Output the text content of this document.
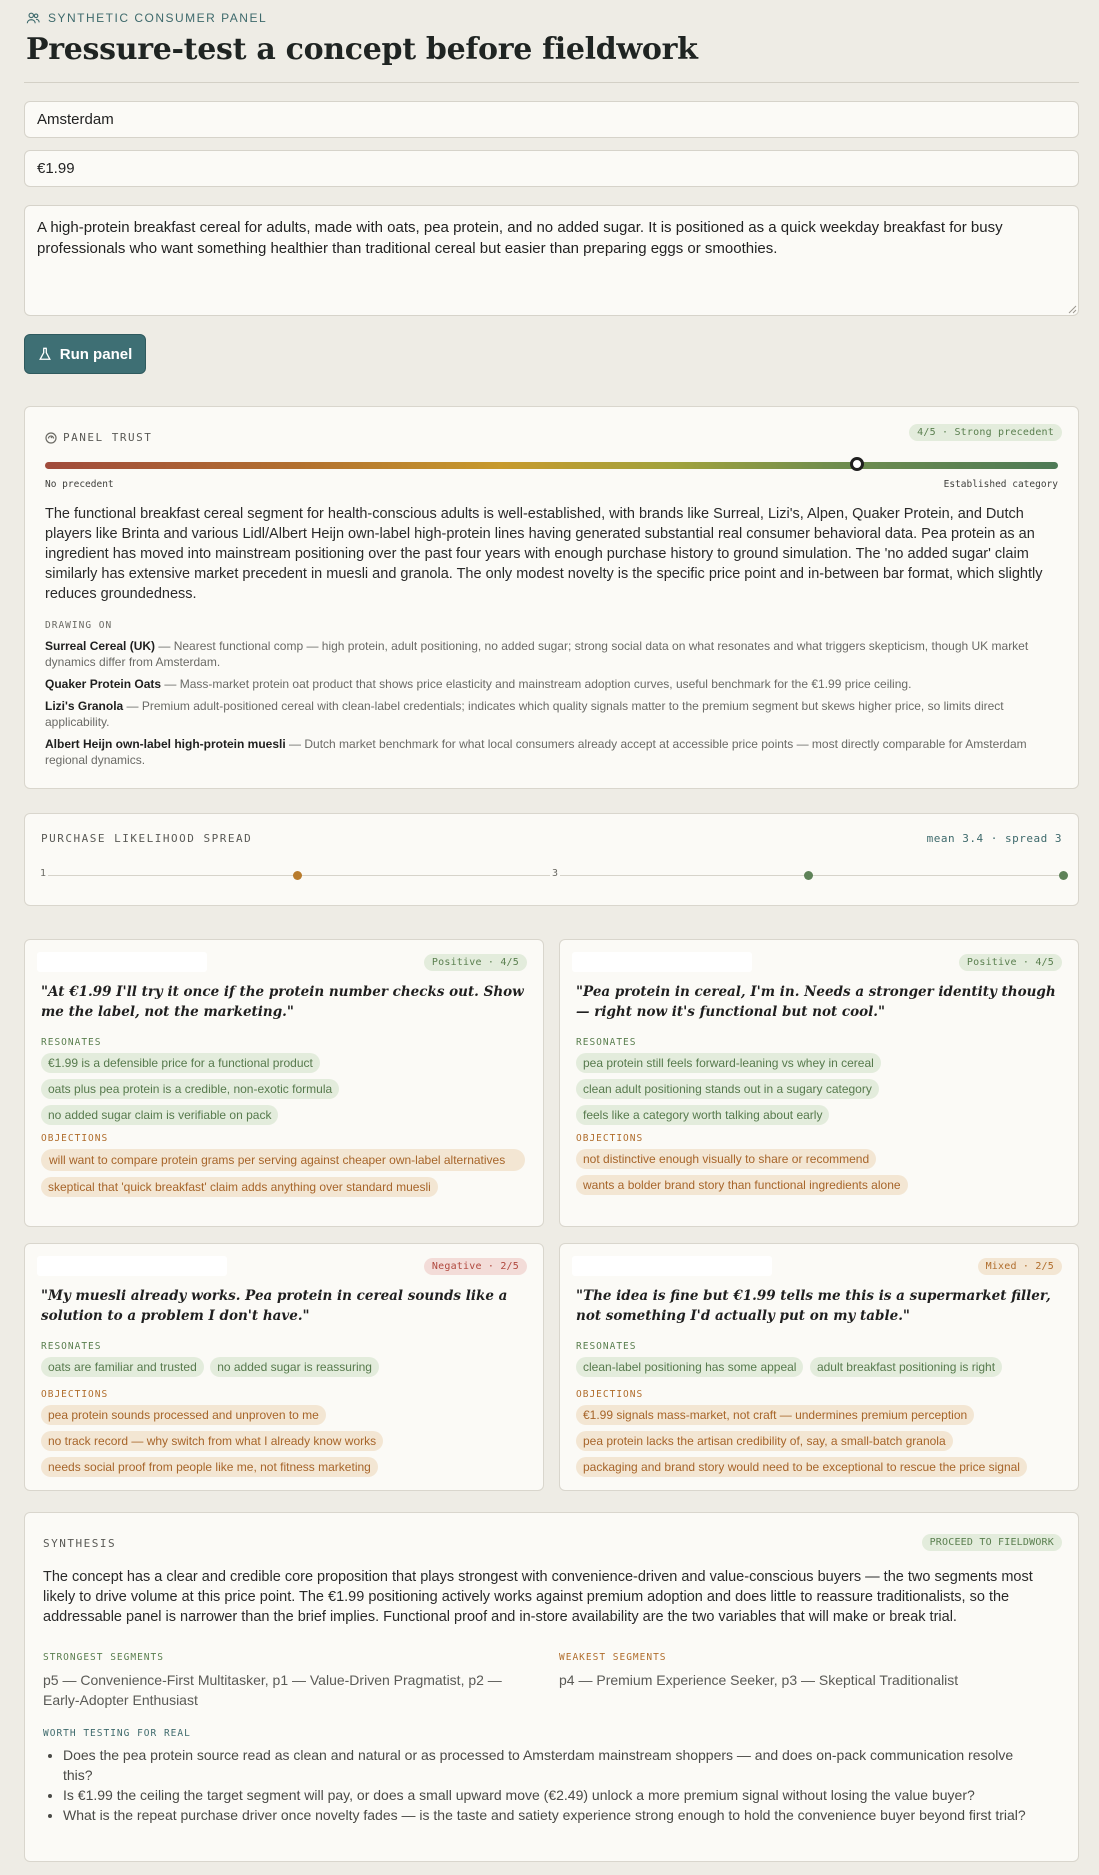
SYNTHETIC CONSUMER PANEL
Pressure-test a concept before fieldwork
Amsterdam
€1.99
A high-protein breakfast cereal for adults, made with oats, pea protein, and no added sugar. It is positioned as a quick weekday breakfast for busy professionals who want something healthier than traditional cereal but easier than preparing eggs or smoothies.
Run panel
PANEL TRUST	4/5 · Strong precedent
No precedent	Established category

The functional breakfast cereal segment for health-conscious adults is well-established, with brands like Surreal, Lizi's, Alpen, Quaker Protein, and Dutch players like Brinta and various Lidl/Albert Heijn own-label high-protein lines having generated substantial real consumer behavioral data. Pea protein as an ingredient has moved into mainstream positioning over the past four years with enough purchase history to ground simulation. The 'no added sugar' claim similarly has extensive market precedent in muesli and granola. The only modest novelty is the specific price point and in-between bar format, which slightly reduces groundedness.

DRAWING ON

Surreal Cereal (UK) — Nearest functional comp — high protein, adult positioning, no added sugar; strong social data on what resonates and what triggers skepticism, though UK market dynamics differ from Amsterdam.

Quaker Protein Oats — Mass-market protein oat product that shows price elasticity and mainstream adoption curves, useful benchmark for the €1.99 price ceiling.

Lizi's Granola — Premium adult-positioned cereal with clean-label credentials; indicates which quality signals matter to the premium segment but skews higher price, so limits direct applicability.

Albert Heijn own-label high-protein muesli — Dutch market benchmark for what local consumers already accept at accessible price points — most directly comparable for Amsterdam regional dynamics.

PURCHASE LIKELIHOOD SPREAD	mean 3.4 · spread 3
1	3
Positive · 4/5

"At €1.99 I'll try it once if the protein number checks out. Show me the label, not the marketing."

RESONATES
€1.99 is a defensible price for a functional product
oats plus pea protein is a credible, non-exotic formula
no added sugar claim is verifiable on pack
OBJECTIONS
will want to compare protein grams per serving against cheaper own-label alternatives
skeptical that 'quick breakfast' claim adds anything over standard muesli
Positive · 4/5

"Pea protein in cereal, I'm in. Needs a stronger identity though — right now it's functional but not cool."

RESONATES
pea protein still feels forward-leaning vs whey in cereal
clean adult positioning stands out in a sugary category
feels like a category worth talking about early
OBJECTIONS
not distinctive enough visually to share or recommend
wants a bolder brand story than functional ingredients alone
Negative · 2/5

"My muesli already works. Pea protein in cereal sounds like a solution to a problem I don't have."

RESONATES
oats are familiar and trusted no added sugar is reassuring
OBJECTIONS
pea protein sounds processed and unproven to me
no track record — why switch from what I already know works
needs social proof from people like me, not fitness marketing
Mixed · 2/5

"The idea is fine but €1.99 tells me this is a supermarket filler, not something I'd actually put on my table."

RESONATES
clean-label positioning has some appeal adult breakfast positioning is right
OBJECTIONS
€1.99 signals mass-market, not craft — undermines premium perception
pea protein lacks the artisan credibility of, say, a small-batch granola
packaging and brand story would need to be exceptional to rescue the price signal
SYNTHESIS	PROCEED TO FIELDWORK

The concept has a clear and credible core proposition that plays strongest with convenience-driven and value-conscious buyers — the two segments most likely to drive volume at this price point. The €1.99 positioning actively works against premium adoption and does little to reassure traditionalists, so the addressable panel is narrower than the brief implies. Functional proof and in-store availability are the two variables that will make or break trial.

STRONGEST SEGMENTS

p5 — Convenience-First Multitasker, p1 — Value-Driven Pragmatist, p2 — Early-Adopter Enthusiast

WEAKEST SEGMENTS

p4 — Premium Experience Seeker, p3 — Skeptical Traditionalist

WORTH TESTING FOR REAL
• Does the pea protein source read as clean and natural or as processed to Amsterdam mainstream shoppers — and does on-pack communication resolve this?
• Is €1.99 the ceiling the target segment will pay, or does a small upward move (€2.49) unlock a more premium signal without losing the value buyer?
• What is the repeat purchase driver once novelty fades — is the taste and satiety experience strong enough to hold the convenience buyer beyond first trial?
